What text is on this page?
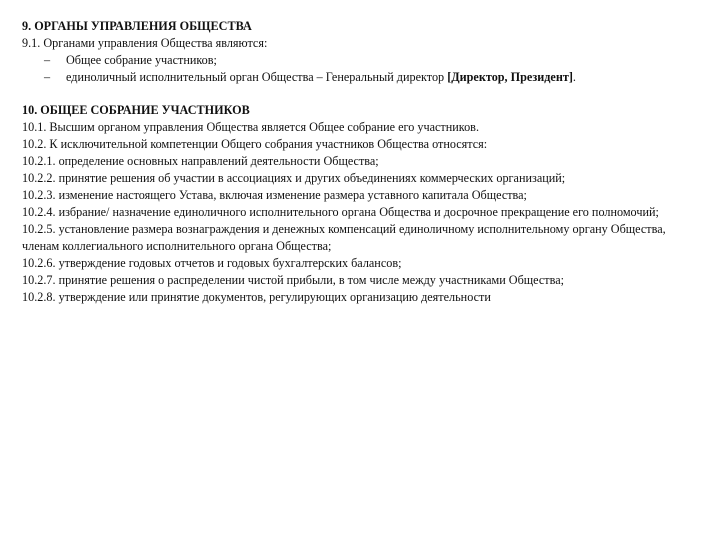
9. ОРГАНЫ УПРАВЛЕНИЯ ОБЩЕСТВА

9.1. Органами управления Общества являются:

– Общее собрание участников;
– единоличный исполнительный орган Общества – Генеральный директор [Директор, Президент].

10. ОБЩЕЕ СОБРАНИЕ УЧАСТНИКОВ

10.1. Высшим органом управления Общества является Общее собрание его участников.

10.2. К исключительной компетенции Общего собрания участников Общества относятся:

10.2.1. определение основных направлений деятельности Общества;

10.2.2. принятие решения об участии в ассоциациях и других объединениях коммерческих организаций;

10.2.3. изменение настоящего Устава, включая изменение размера уставного капитала Общества;

10.2.4. избрание/ назначение единоличного исполнительного органа Общества и досрочное прекращение его полномочий;

10.2.5. установление размера вознаграждения и денежных компенсаций единоличному исполнительному органу Общества, членам коллегиального исполнительного органа Общества;

10.2.6. утверждение годовых отчетов и годовых бухгалтерских балансов;

10.2.7. принятие решения о распределении чистой прибыли, в том числе между участниками Общества;

10.2.8. утверждение или принятие документов, регулирующих организацию деятельности
